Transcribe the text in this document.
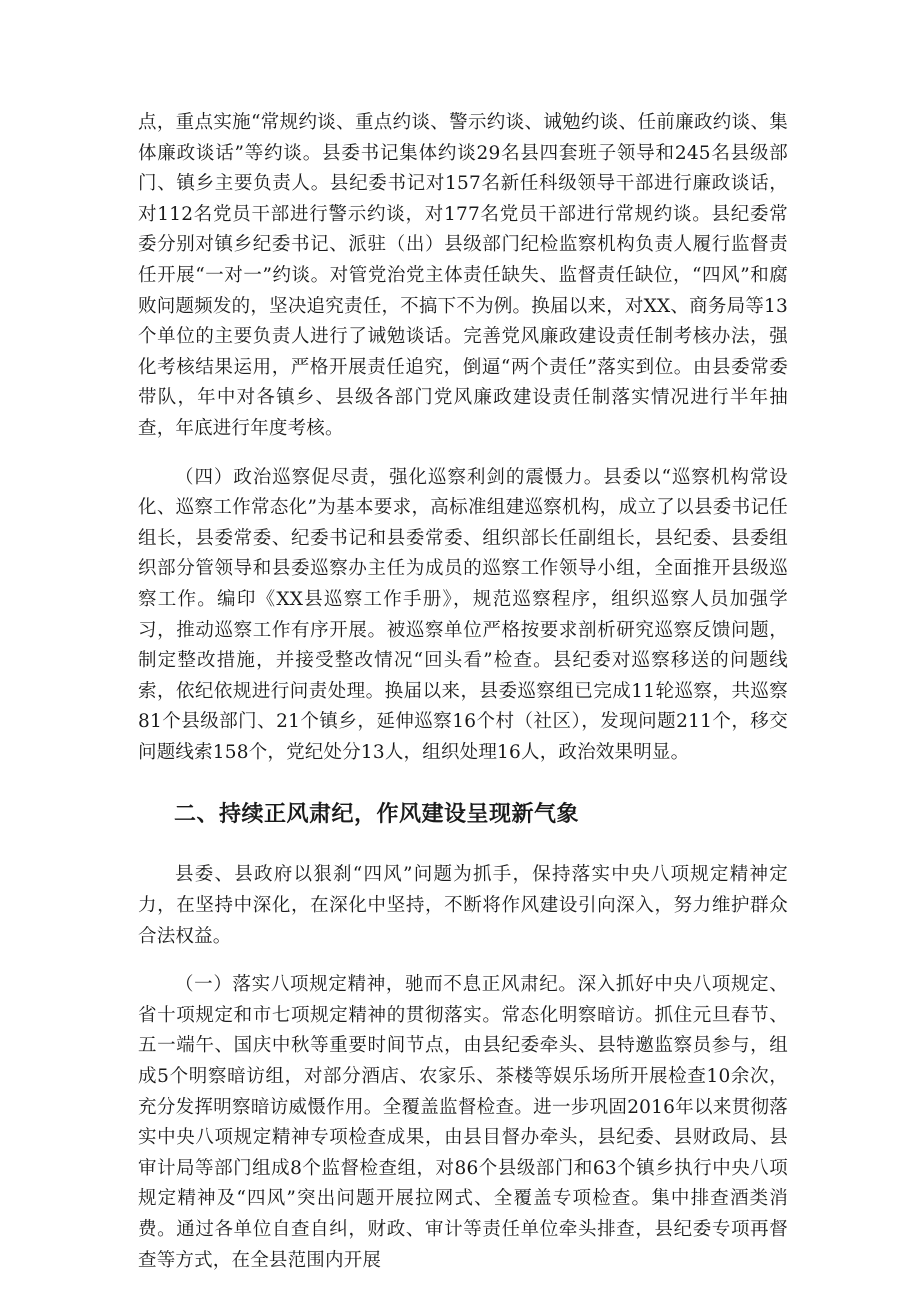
点，重点实施“常规约谈、重点约谈、警示约谈、诫勉约谈、任前廉政约谈、集体廉政谈话”等约谈。县委书记集体约谈29名县四套班子领导和245名县级部门、镇乡主要负责人。县纪委书记对157名新任科级领导干部进行廉政谈话，对112名党员干部进行警示约谈，对177名党员干部进行常规约谈。县纪委常委分别对镇乡纪委书记、派驻（出）县级部门纪检监察机构负责人履行监督责任开展“一对一”约谈。对管党治党主体责任缺失、监督责任缺位，“四风”和腐败问题频发的，坚决追究责任，不搞下不为例。换届以来，对XX、商务局等13个单位的主要负责人进行了诫勉谈话。完善党风廉政建设责任制考核办法，强化考核结果运用，严格开展责任追究，倒逼“两个责任”落实到位。由县委常委带队，年中对各镇乡、县级各部门党风廉政建设责任制落实情况进行半年抽查，年底进行年度考核。

（四）政治巡察促尽责，强化巡察利剑的震慑力。县委以“巡察机构常设化、巡察工作常态化”为基本要求，高标准组建巡察机构，成立了以县委书记任组长，县委常委、纪委书记和县委常委、组织部长任副组长，县纪委、县委组织部分管领导和县委巡察办主任为成员的巡察工作领导小组，全面推开县级巡察工作。编印《XX县巡察工作手册》，规范巡察程序，组织巡察人员加强学习，推动巡察工作有序开展。被巡察单位严格按要求剖析研究巡察反馈问题，制定整改措施，并接受整改情况“回头看”检查。县纪委对巡察移送的问题线索，依纪依规进行问责处理。换届以来，县委巡察组已完成11轮巡察，共巡察81个县级部门、21个镇乡，延伸巡察16个村（社区），发现问题211个，移交问题线索158个，党纪处分13人，组织处理16人，政治效果明显。

二、持续正风肃纪，作风建设呈现新气象

县委、县政府以狠刹“四风”问题为抓手，保持落实中央八项规定精神定力，在坚持中深化，在深化中坚持，不断将作风建设引向深入，努力维护群众合法权益。

（一）落实八项规定精神，驰而不息正风肃纪。深入抓好中央八项规定、省十项规定和市七项规定精神的贯彻落实。常态化明察暗访。抓住元旦春节、五一端午、国庆中秋等重要时间节点，由县纪委牵头、县特邀监察员参与，组成5个明察暗访组，对部分酒店、农家乐、茶楼等娱乐场所开展检查10余次，充分发挥明察暗访威慑作用。全覆盖监督检查。进一步巩固2016年以来贯彻落实中央八项规定精神专项检查成果，由县目督办牵头，县纪委、县财政局、县审计局等部门组成8个监督检查组，对86个县级部门和63个镇乡执行中央八项规定精神及“四风”突出问题开展拉网式、全覆盖专项检查。集中排查酒类消费。通过各单位自查自纠，财政、审计等责任单位牵头排查，县纪委专项再督查等方式，在全县范围内开展
